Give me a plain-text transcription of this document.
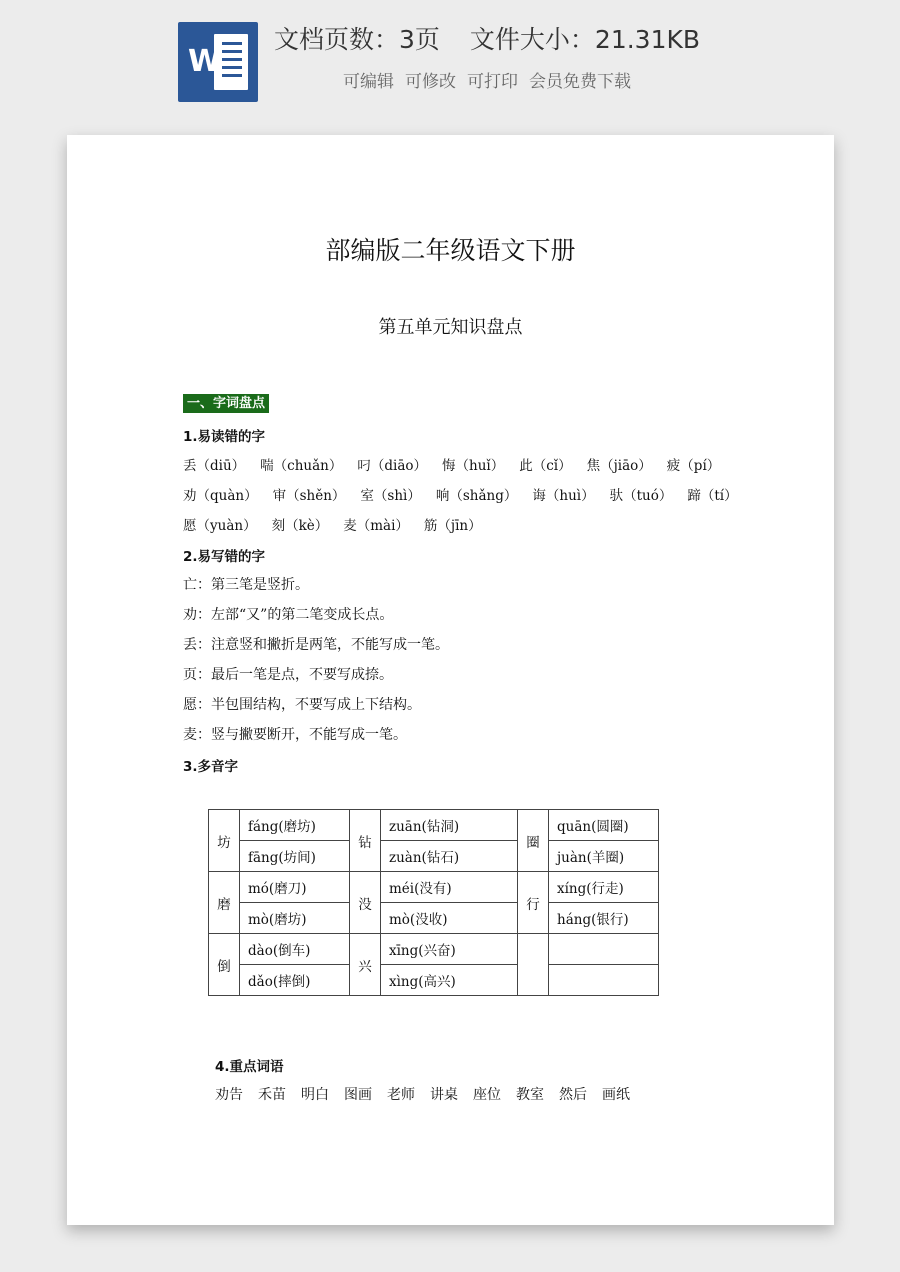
W
文档页数：3页 文件大小：21.31KB
可编辑 可修改 可打印 会员免费下载
部编版二年级语文下册
第五单元知识盘点
一、字词盘点
1.易读错的字
丢（diū） 喘（chuǎn） 叼（diāo） 悔（huǐ） 此（cǐ） 焦（jiāo） 疲（pí）
劝（quàn） 审（shěn） 室（shì） 响（shǎng） 诲（huì） 驮（tuó） 蹄（tí）
愿（yuàn） 刻（kè） 麦（mài） 筋（jīn）
2.易写错的字
亡：第三笔是竖折。
劝：左部“又”的第二笔变成长点。
丢：注意竖和撇折是两笔，不能写成一笔。
页：最后一笔是点，不要写成捺。
愿：半包围结构，不要写成上下结构。
麦：竖与撇要断开，不能写成一笔。
3.多音字
坊	fáng(磨坊)	钻	zuān(钻洞)	圈	quān(圆圈)
	fāng(坊间)		zuàn(钻石)		juàn(羊圈)
磨	mó(磨刀)	没	méi(没有)	行	xíng(行走)
	mò(磨坊)		mò(没收)		háng(银行)
倒	dào(倒车)	兴	xīng(兴奋)		
	dǎo(摔倒)		xìng(高兴)		
4.重点词语
劝告 禾苗 明白 图画 老师 讲桌 座位 教室 然后 画纸
